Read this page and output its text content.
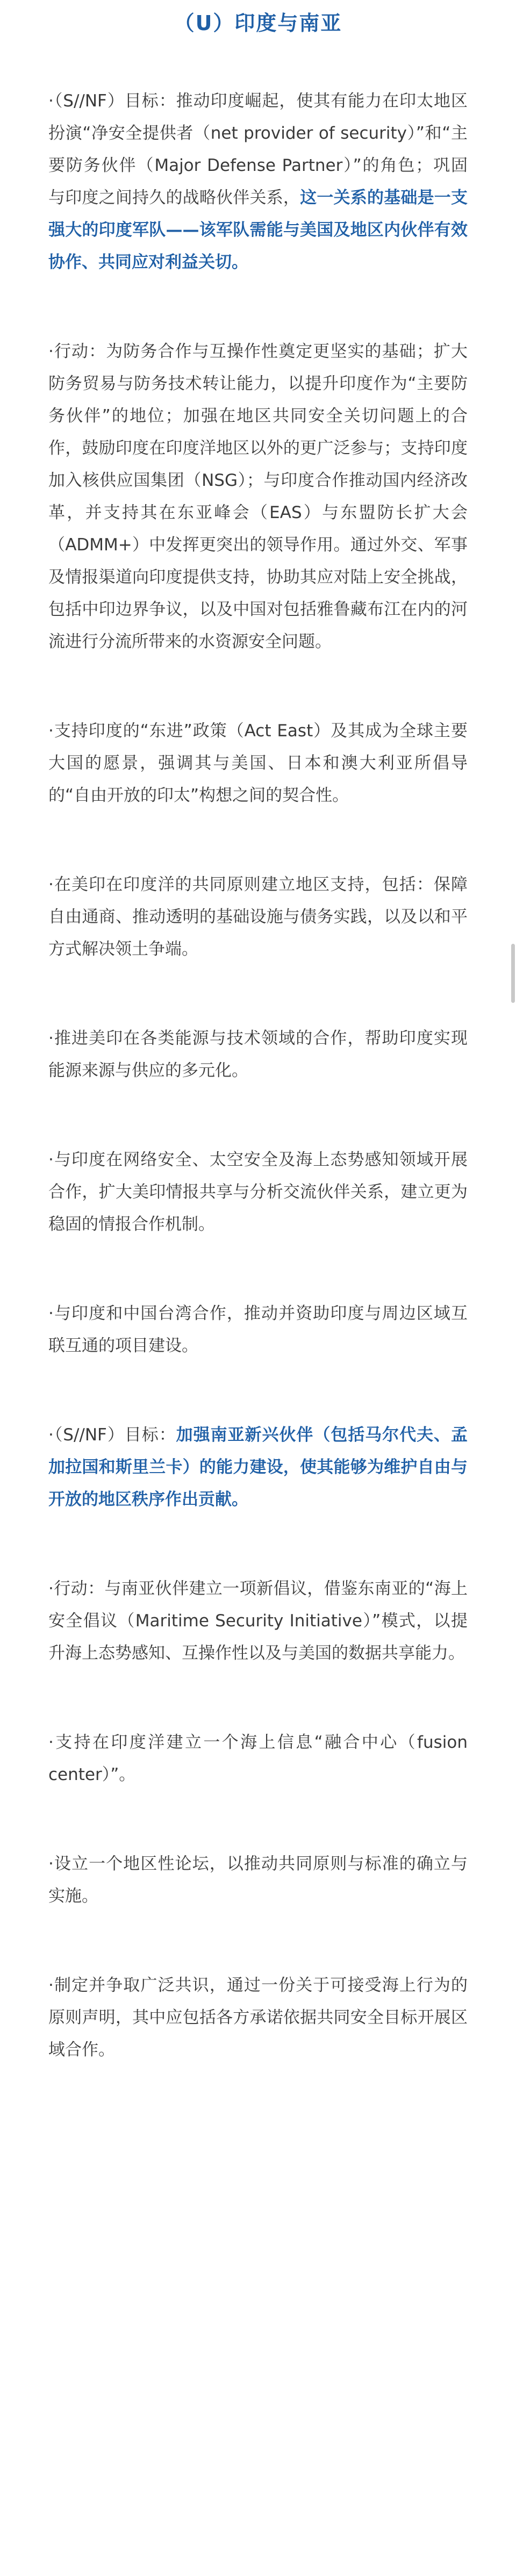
（U）印度与南亚

·（S//NF）目标：推动印度崛起，使其有能力在印太地区扮演“净安全提供者（net provider of security）”和“主要防务伙伴（Major Defense Partner）”的角色；巩固与印度之间持久的战略伙伴关系，这一关系的基础是一支强大的印度军队——该军队需能与美国及地区内伙伴有效协作、共同应对利益关切。

·行动：为防务合作与互操作性奠定更坚实的基础；扩大防务贸易与防务技术转让能力，以提升印度作为“主要防务伙伴”的地位；加强在地区共同安全关切问题上的合作，鼓励印度在印度洋地区以外的更广泛参与；支持印度加入核供应国集团（NSG）；与印度合作推动国内经济改革，并支持其在东亚峰会（EAS）与东盟防长扩大会（ADMM+）中发挥更突出的领导作用。通过外交、军事及情报渠道向印度提供支持，协助其应对陆上安全挑战，包括中印边界争议，以及中国对包括雅鲁藏布江在内的河流进行分流所带来的水资源安全问题。

·支持印度的“东进”政策（Act East）及其成为全球主要大国的愿景，强调其与美国、日本和澳大利亚所倡导的“自由开放的印太”构想之间的契合性。

·在美印在印度洋的共同原则建立地区支持，包括：保障自由通商、推动透明的基础设施与债务实践，以及以和平方式解决领土争端。

·推进美印在各类能源与技术领域的合作，帮助印度实现能源来源与供应的多元化。

·与印度在网络安全、太空安全及海上态势感知领域开展合作，扩大美印情报共享与分析交流伙伴关系，建立更为稳固的情报合作机制。

·与印度和中国台湾合作，推动并资助印度与周边区域互联互通的项目建设。

·（S//NF）目标：加强南亚新兴伙伴（包括马尔代夫、孟加拉国和斯里兰卡）的能力建设，使其能够为维护自由与开放的地区秩序作出贡献。

·行动：与南亚伙伴建立一项新倡议，借鉴东南亚的“海上安全倡议（Maritime Security Initiative）”模式，以提升海上态势感知、互操作性以及与美国的数据共享能力。

·支持在印度洋建立一个海上信息“融合中心（fusion center）”。

·设立一个地区性论坛，以推动共同原则与标准的确立与实施。

·制定并争取广泛共识，通过一份关于可接受海上行为的原则声明，其中应包括各方承诺依据共同安全目标开展区域合作。
